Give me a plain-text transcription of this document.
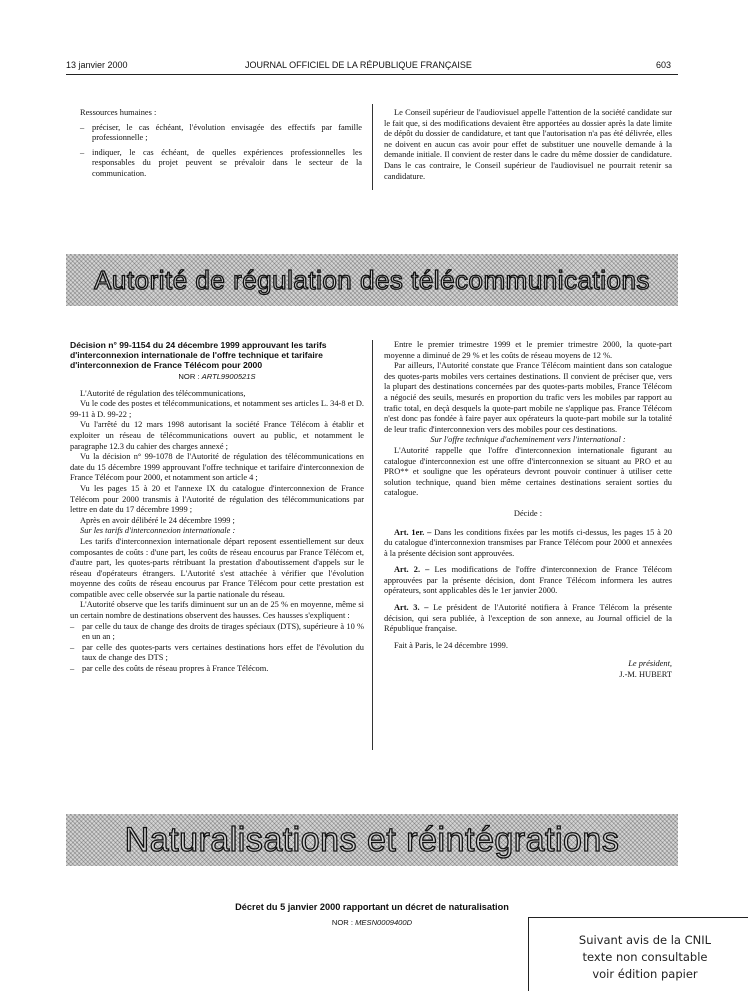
13 janvier 2000	JOURNAL OFFICIEL DE LA RÉPUBLIQUE FRANÇAISE	603

Ressources humaines :

– préciser, le cas échéant, l'évolution envisagée des effectifs par famille professionnelle ;
– indiquer, le cas échéant, de quelles expériences professionnelles les responsables du projet peuvent se prévaloir dans le secteur de la communication.

Le Conseil supérieur de l'audiovisuel appelle l'attention de la société candidate sur le fait que, si des modifications devaient être apportées au dossier après la date limite de dépôt du dossier de candidature, et tant que l'autorisation n'a pas été délivrée, elles ne doivent en aucun cas avoir pour effet de substituer une nouvelle demande à la demande initiale. Il convient de rester dans le cadre du même dossier de candidature. Dans le cas contraire, le Conseil supérieur de l'audiovisuel ne pourrait retenir sa candidature.

Autorité de régulation des télécommunications
Décision n° 99-1154 du 24 décembre 1999 approuvant les tarifs d'interconnexion internationale de l'offre technique et tarifaire d'interconnexion de France Télécom pour 2000
NOR : ARTL9900521S

L'Autorité de régulation des télécommunications,

Vu le code des postes et télécommunications, et notamment ses articles L. 34-8 et D. 99-11 à D. 99-22 ;

Vu l'arrêté du 12 mars 1998 autorisant la société France Télécom à établir et exploiter un réseau de télécommunications ouvert au public, et notamment le paragraphe 12.3 du cahier des charges annexé ;

Vu la décision n° 99-1078 de l'Autorité de régulation des télécommunications en date du 15 décembre 1999 approuvant l'offre technique et tarifaire d'interconnexion de France Télécom pour 2000, et notamment son article 4 ;

Vu les pages 15 à 20 et l'annexe IX du catalogue d'interconnexion de France Télécom pour 2000 transmis à l'Autorité de régulation des télécommunications par lettre en date du 17 décembre 1999 ;

Après en avoir délibéré le 24 décembre 1999 ;

Sur les tarifs d'interconnexion internationale :

Les tarifs d'interconnexion internationale départ reposent essentiellement sur deux composantes de coûts : d'une part, les coûts de réseau encourus par France Télécom et, d'autre part, les quotes-parts rétribuant la prestation d'aboutissement d'appels sur le réseau d'opérateurs étrangers. L'Autorité s'est attachée à vérifier que l'évolution moyenne des coûts de réseau encourus par France Télécom pour cette prestation est compatible avec celle observée sur la partie nationale du réseau.

L'Autorité observe que les tarifs diminuent sur un an de 25 % en moyenne, même si un certain nombre de destinations observent des hausses. Ces hausses s'expliquent :

– par celle du taux de change des droits de tirages spéciaux (DTS), supérieure à 10 % en un an ;
– par celle des quotes-parts vers certaines destinations hors effet de l'évolution du taux de change des DTS ;
– par celle des coûts de réseau propres à France Télécom.

Entre le premier trimestre 1999 et le premier trimestre 2000, la quote-part moyenne a diminué de 29 % et les coûts de réseau moyens de 12 %.

Par ailleurs, l'Autorité constate que France Télécom maintient dans son catalogue des quotes-parts mobiles vers certaines destinations. Il convient de préciser que, vers la plupart des destinations concernées par des quotes-parts mobiles, France Télécom a négocié des seuils, mesurés en proportion du trafic vers les mobiles par rapport au trafic total, en deçà desquels la quote-part mobile ne s'applique pas. France Télécom n'est donc pas fondée à faire payer aux opérateurs la quote-part mobile sur la totalité de leur trafic d'interconnexion vers des mobiles pour ces destinations.

Sur l'offre technique d'acheminement vers l'international :

L'Autorité rappelle que l'offre d'interconnexion internationale figurant au catalogue d'interconnexion est une offre d'interconnexion se situant au PRO et au PRO** et souligne que les opérateurs devront pouvoir continuer à utiliser cette solution technique, quand bien même certaines destinations seraient sorties du catalogue.

Décide :

Art. 1er. – Dans les conditions fixées par les motifs ci-dessus, les pages 15 à 20 du catalogue d'interconnexion transmises par France Télécom pour 2000 et annexées à la présente décision sont approuvées.

Art. 2. – Les modifications de l'offre d'interconnexion de France Télécom approuvées par la présente décision, dont France Télécom informera les autres opérateurs, sont applicables dès le 1er janvier 2000.

Art. 3. – Le président de l'Autorité notifiera à France Télécom la présente décision, qui sera publiée, à l'exception de son annexe, au Journal officiel de la République française.

Fait à Paris, le 24 décembre 1999.

Le président,

J.-M. HUBERT

Naturalisations et réintégrations
Décret du 5 janvier 2000 rapportant un décret de naturalisation
NOR : MESN0009400D
Suivant avis de la CNIL
texte non consultable
voir édition papier
